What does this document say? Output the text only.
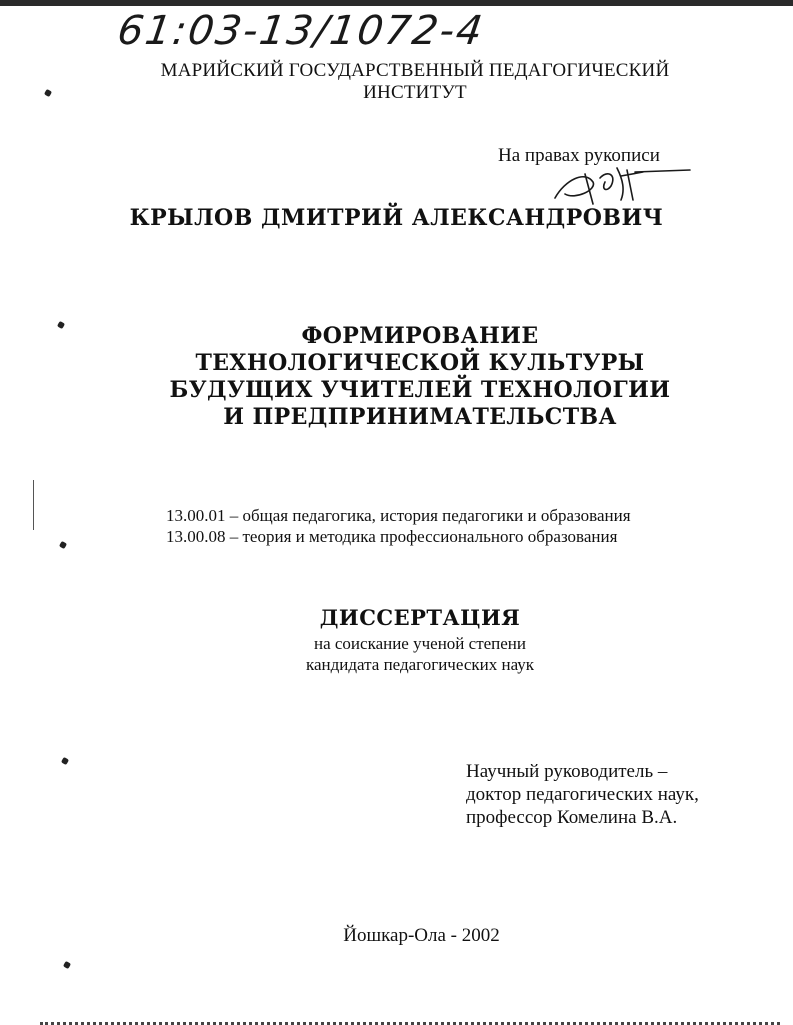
61:03-13/1072-4
МАРИЙСКИЙ ГОСУДАРСТВЕННЫЙ ПЕДАГОГИЧЕСКИЙ
ИНСТИТУТ
На правах рукописи
КРЫЛОВ ДМИТРИЙ АЛЕКСАНДРОВИЧ
ФОРМИРОВАНИЕ
ТЕХНОЛОГИЧЕСКОЙ КУЛЬТУРЫ
БУДУЩИХ УЧИТЕЛЕЙ ТЕХНОЛОГИИ
И ПРЕДПРИНИМАТЕЛЬСТВА
13.00.01 – общая педагогика, история педагогики и образования
13.00.08 – теория и методика профессионального образования
ДИССЕРТАЦИЯ
на соискание ученой степени
кандидата педагогических наук
Научный руководитель –
доктор педагогических наук,
профессор Комелина В.А.
Йошкар-Ола - 2002
